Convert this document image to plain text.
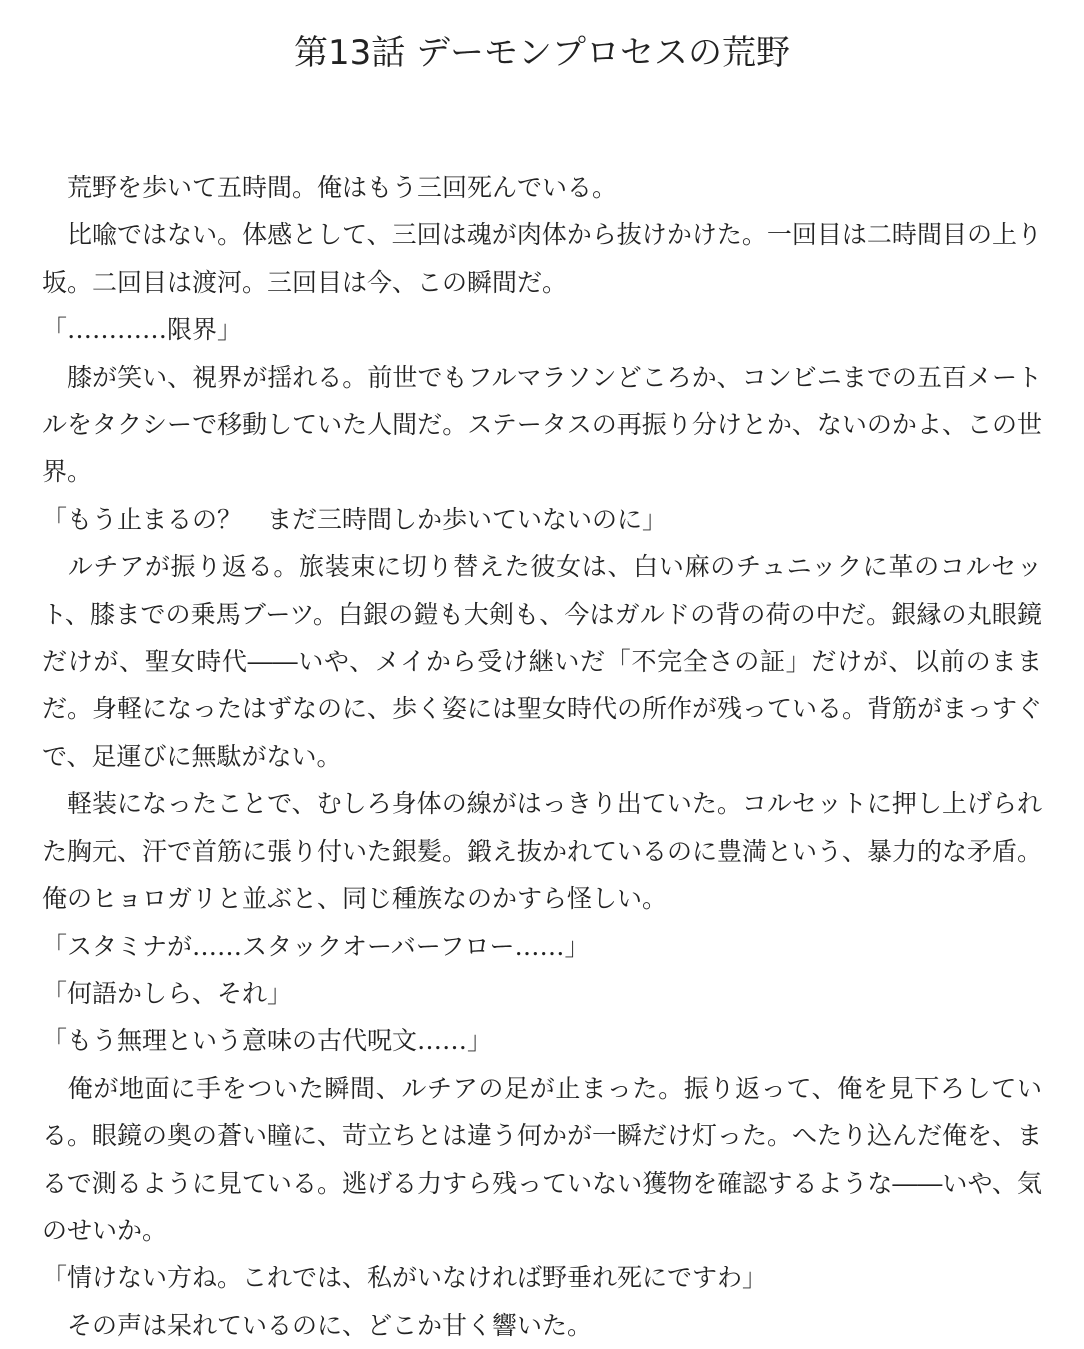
第13話 デーモンプロセスの荒野

　荒野を歩いて五時間。俺はもう三回死んでいる。

　比喩ではない。体感として、三回は魂が肉体から抜けかけた。一回目は二時間目の上り坂。二回目は渡河。三回目は今、この瞬間だ。

「…………限界」

　膝が笑い、視界が揺れる。前世でもフルマラソンどころか、コンビニまでの五百メートルをタクシーで移動していた人間だ。ステータスの再振り分けとか、ないのかよ、この世界。

「もう止まるの？　まだ三時間しか歩いていないのに」

　ルチアが振り返る。旅装束に切り替えた彼女は、白い麻のチュニックに革のコルセット、膝までの乗馬ブーツ。白銀の鎧も大剣も、今はガルドの背の荷の中だ。銀縁の丸眼鏡だけが、聖女時代――いや、メイから受け継いだ「不完全さの証」だけが、以前のままだ。身軽になったはずなのに、歩く姿には聖女時代の所作が残っている。背筋がまっすぐで、足運びに無駄がない。

　軽装になったことで、むしろ身体の線がはっきり出ていた。コルセットに押し上げられた胸元、汗で首筋に張り付いた銀髪。鍛え抜かれているのに豊満という、暴力的な矛盾。俺のヒョロガリと並ぶと、同じ種族なのかすら怪しい。

「スタミナが……スタックオーバーフロー……」

「何語かしら、それ」

「もう無理という意味の古代呪文……」

　俺が地面に手をついた瞬間、ルチアの足が止まった。振り返って、俺を見下ろしている。眼鏡の奥の蒼い瞳に、苛立ちとは違う何かが一瞬だけ灯った。へたり込んだ俺を、まるで測るように見ている。逃げる力すら残っていない獲物を確認するような――いや、気のせいか。

「情けない方ね。これでは、私がいなければ野垂れ死にですわ」

　その声は呆れているのに、どこか甘く響いた。
